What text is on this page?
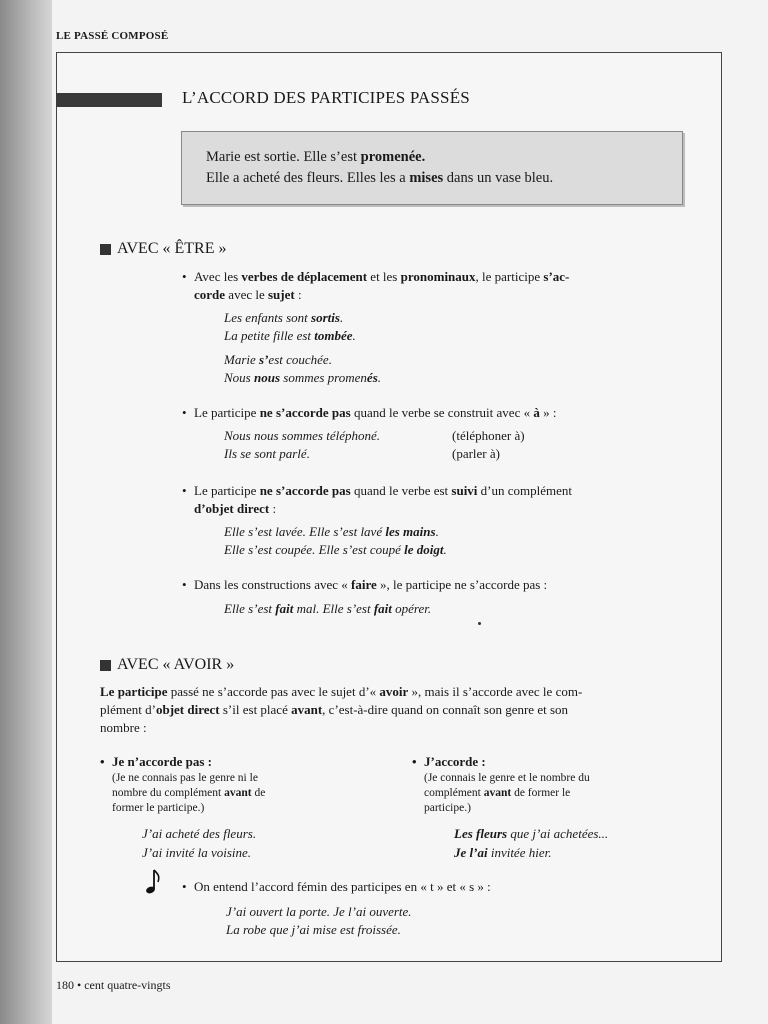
LE PASSÉ COMPOSÉ
L’ACCORD DES PARTICIPES PASSÉS
Marie est sortie. Elle s’est promenée.
Elle a acheté des fleurs. Elles les a mises dans un vase bleu.
AVEC « ÊTRE »
• Avec les verbes de déplacement et les pronominaux, le participe s’ac-
corde avec le sujet :
Les enfants sont sortis.
La petite fille est tombée.
Marie s’est couchée.
Nous nous sommes promenés.
• Le participe ne s’accorde pas quand le verbe se construit avec « à » :
Nous nous sommes téléphoné.	(téléphoner à)
Ils se sont parlé.	(parler à)
• Le participe ne s’accorde pas quand le verbe est suivi d’un complément
d’objet direct :
Elle s’est lavée. Elle s’est lavé les mains.
Elle s’est coupée. Elle s’est coupé le doigt.
• Dans les constructions avec « faire », le participe ne s’accorde pas :
Elle s’est fait mal. Elle s’est fait opérer.
AVEC « AVOIR »
Le participe passé ne s’accorde pas avec le sujet d’« avoir », mais il s’accorde avec le com-
plément d’objet direct s’il est placé avant, c’est-à-dire quand on connaît son genre et son
nombre :
• Je n’accorde pas :
(Je ne connais pas le genre ni le
nombre du complément avant de
former le participe.)
J’ai acheté des fleurs.
J’ai invité la voisine.
• J’accorde :
(Je connais le genre et le nombre du
complément avant de former le
participe.)
Les fleurs que j’ai achetées...
Je l’ai invitée hier.
• On entend l’accord fémin des participes en « t » et « s » :
J’ai ouvert la porte. Je l’ai ouverte.
La robe que j’ai mise est froissée.
180 • cent quatre-vingts
